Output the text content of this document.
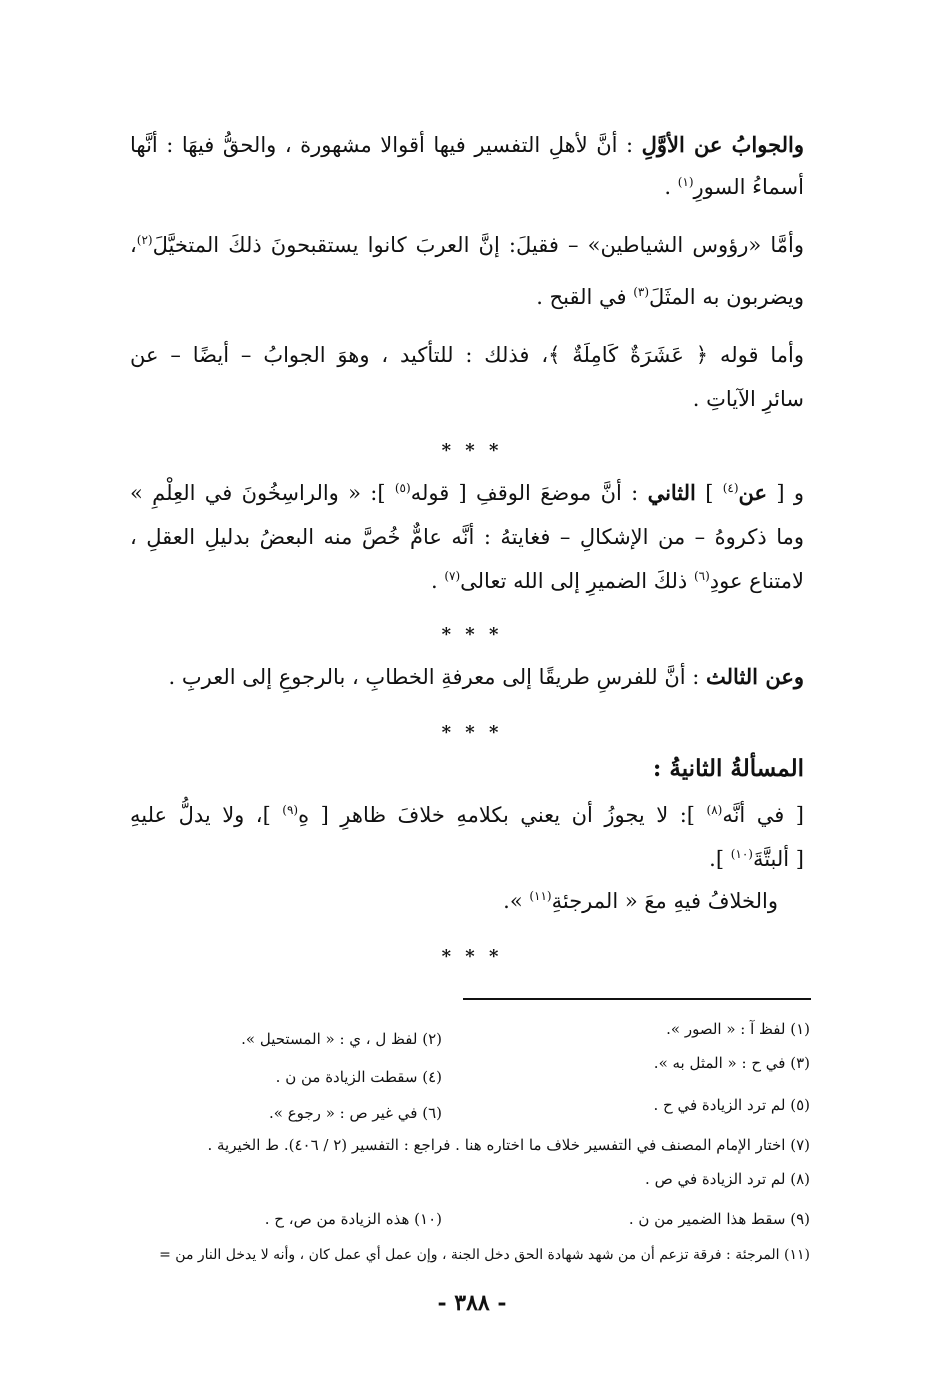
والجوابُ عن الأوَّلِ : أنَّ لأهلِ التفسير فيها أقوالا مشهورة ، والحقُّ فيهَا : أنَّها
أسماءُ السورِ$^{(١)}$ .
وأمَّا «رؤوس الشياطين» – فقيلَ: إنَّ العربَ كانوا يستقبحونَ ذلكَ المتخيَّلَ$^{(٢)}$،
ويضربون به المثَلَ$^{(٣)}$ في القبح .
وأما قوله ﴿ عَشَرَةٌ كَامِلَةٌ ﴾، فذلك : للتأكيد ، وهوَ الجوابُ – أيضًا – عن
سائرِ الآياتِ .
* * *
و [ عن$^{(٤)}$ ] الثاني : أنَّ موضعَ الوقفِ [ قوله$^{(٥)}$ ]: « والراسِخُونَ في العِلْمِ »
وما ذكروهُ – من الإشكالِ – فغايتهُ : أنَّه عامٌّ خُصَّ منه البعضُ بدليلِ العقلِ ،
لامتناع عودِ$^{(٦)}$ ذلكَ الضميرِ إلى الله تعالى$^{(٧)}$ .
* * *
وعن الثالث : أنَّ للفرسِ طريقًا إلى معرفةِ الخطابِ ، بالرجوعِ إلى العربِ .
* * *
المسألةُ الثانيةُ :
[ في أنَّه$^{(٨)}$ ]: لا يجوزُ أن يعني بكلامهِ خلافَ ظاهرِ [ هِ$^{(٩)}$ ]، ولا يدلُّ عليهِ
[ ألبتَّةَ$^{(١٠)}$ ].
والخلافُ فيهِ معَ « المرجئةِ$^{(١١)}$ ».
* * *
(١) لفظ آ : « الصور ».
(٢) لفظ ل ، ي : « المستحيل ».
(٣) في ح : « المثل به ».
(٤) سقطت الزيادة من ن .
(٥) لم ترد الزيادة في ح .
(٦) في غير ص : « رجوع ».
(٧) اختار الإمام المصنف في التفسير خلاف ما اختاره هنا . فراجع : التفسير (٢ / ٤٠٦). ط الخيرية .
(٨) لم ترد الزيادة في ص .
(٩) سقط هذا الضمير من ن .
(١٠) هذه الزيادة من ص، ح .
(١١) المرجئة : فرقة تزعم أن من شهد شهادة الحق دخل الجنة ، وإن عمل أي عمل كان ، وأنه لا يدخل النار من =
- ٣٨٨ -
